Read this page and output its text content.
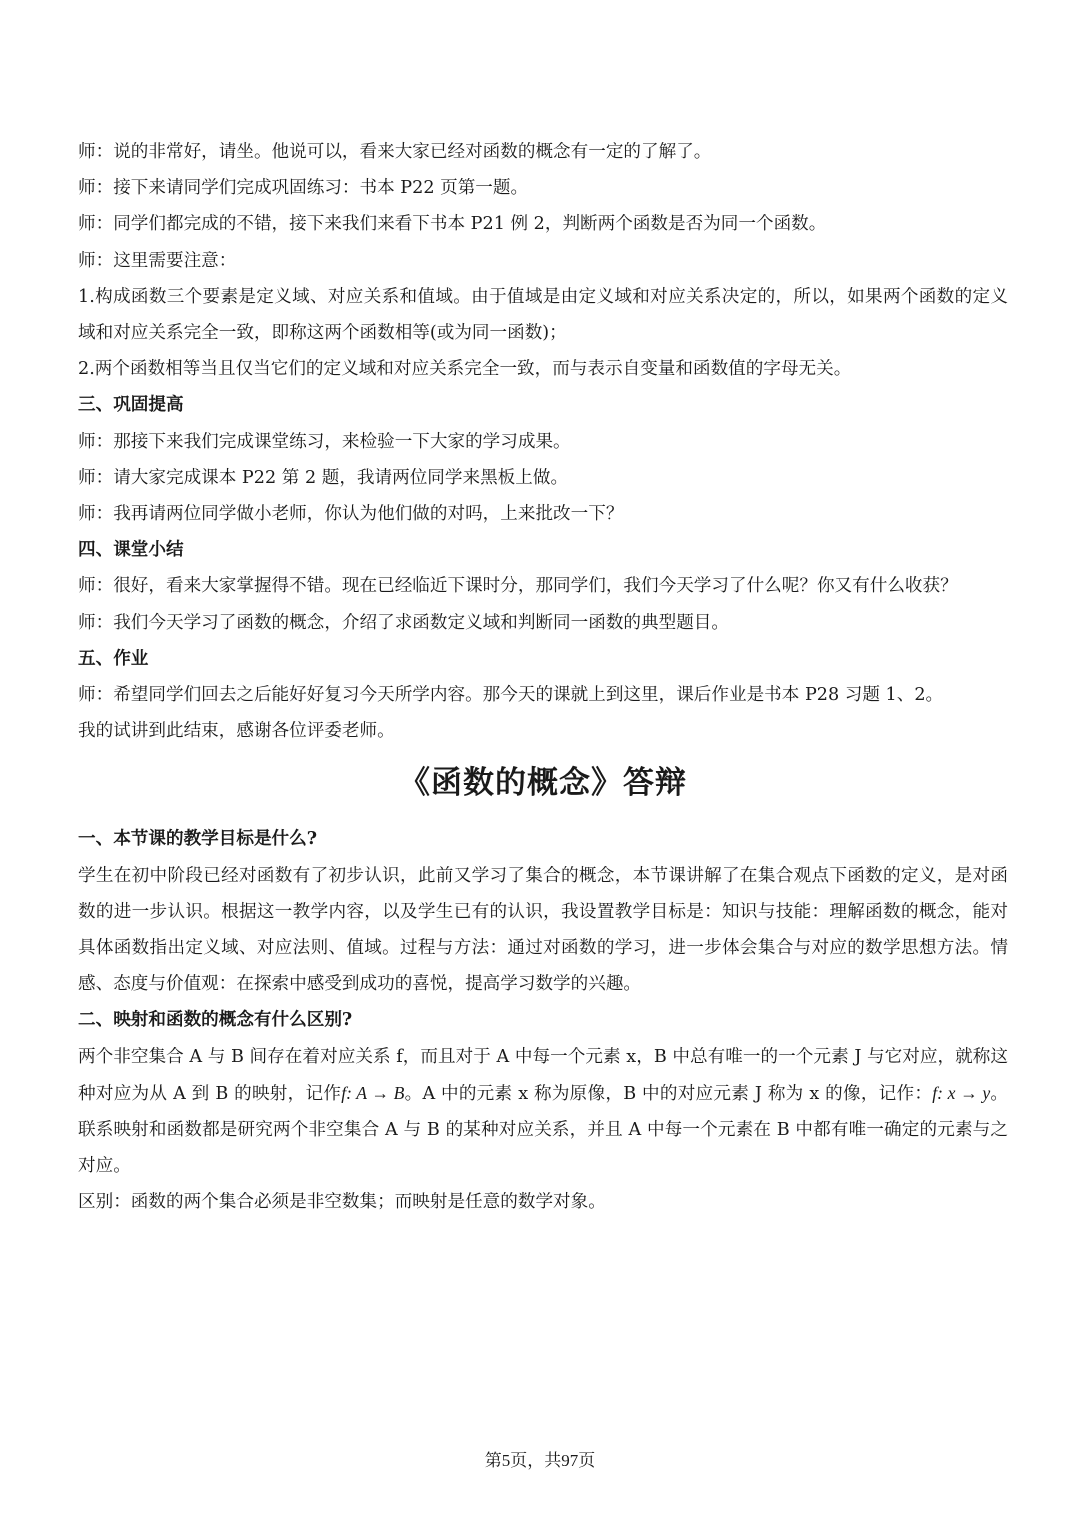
师：说的非常好，请坐。他说可以，看来大家已经对函数的概念有一定的了解了。
师：接下来请同学们完成巩固练习：书本 P22 页第一题。
师：同学们都完成的不错，接下来我们来看下书本 P21 例 2，判断两个函数是否为同一个函数。
师：这里需要注意：
1.构成函数三个要素是定义域、对应关系和值域。由于值域是由定义域和对应关系决定的，所以，如果两个函数的定义域和对应关系完全一致，即称这两个函数相等(或为同一函数)；
2.两个函数相等当且仅当它们的定义域和对应关系完全一致，而与表示自变量和函数值的字母无关。
三、巩固提高
师：那接下来我们完成课堂练习，来检验一下大家的学习成果。
师：请大家完成课本 P22 第 2 题，我请两位同学来黑板上做。
师：我再请两位同学做小老师，你认为他们做的对吗，上来批改一下？
四、课堂小结
师：很好，看来大家掌握得不错。现在已经临近下课时分，那同学们，我们今天学习了什么呢？你又有什么收获？
师：我们今天学习了函数的概念，介绍了求函数定义域和判断同一函数的典型题目。
五、作业
师：希望同学们回去之后能好好复习今天所学内容。那今天的课就上到这里，课后作业是书本 P28 习题 1、2。
我的试讲到此结束，感谢各位评委老师。
《函数的概念》答辩
一、本节课的教学目标是什么?
学生在初中阶段已经对函数有了初步认识，此前又学习了集合的概念，本节课讲解了在集合观点下函数的定义，是对函数的进一步认识。根据这一教学内容，以及学生已有的认识，我设置教学目标是：知识与技能：理解函数的概念，能对具体函数指出定义域、对应法则、值域。过程与方法：通过对函数的学习，进一步体会集合与对应的数学思想方法。情感、态度与价值观：在探索中感受到成功的喜悦，提高学习数学的兴趣。
二、映射和函数的概念有什么区别?
两个非空集合 A 与 B 间存在着对应关系 f，而且对于 A 中每一个元素 x，B 中总有唯一的一个元素 J 与它对应，就称这种对应为从 A 到 B 的映射，记作f: A → B。A 中的元素 x 称为原像，B 中的对应元素 J 称为 x 的像，记作：f: x → y。联系映射和函数都是研究两个非空集合 A 与 B 的某种对应关系，并且 A 中每一个元素在 B 中都有唯一确定的元素与之对应。
区别：函数的两个集合必须是非空数集；而映射是任意的数学对象。
第5页，共97页
